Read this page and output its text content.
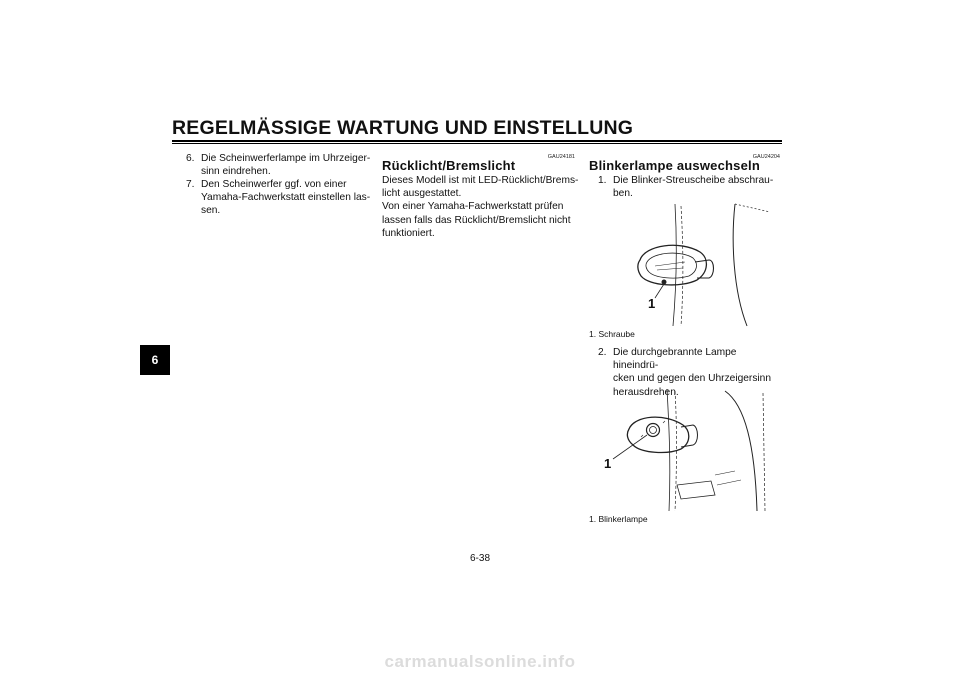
REGELMÄSSIGE WARTUNG UND EINSTELLUNG
6
6. Die Scheinwerferlampe im Uhrzeiger-
sinn eindrehen.
7. Den Scheinwerfer ggf. von einer
Yamaha-Fachwerkstatt einstellen las-
sen.
GAU24181
Rücklicht/Bremslicht
Dieses Modell ist mit LED-Rücklicht/Brems-
licht ausgestattet.
Von einer Yamaha-Fachwerkstatt prüfen
lassen falls das Rücklicht/Bremslicht nicht
funktioniert.
GAU24204
Blinkerlampe auswechseln
1. Die Blinker-Streuscheibe abschrau-
ben.
1
1. Schraube
2. Die durchgebrannte Lampe hineindrü-
cken und gegen den Uhrzeigersinn
herausdrehen.
1
1. Blinkerlampe
6-38
carmanualsonline.info
